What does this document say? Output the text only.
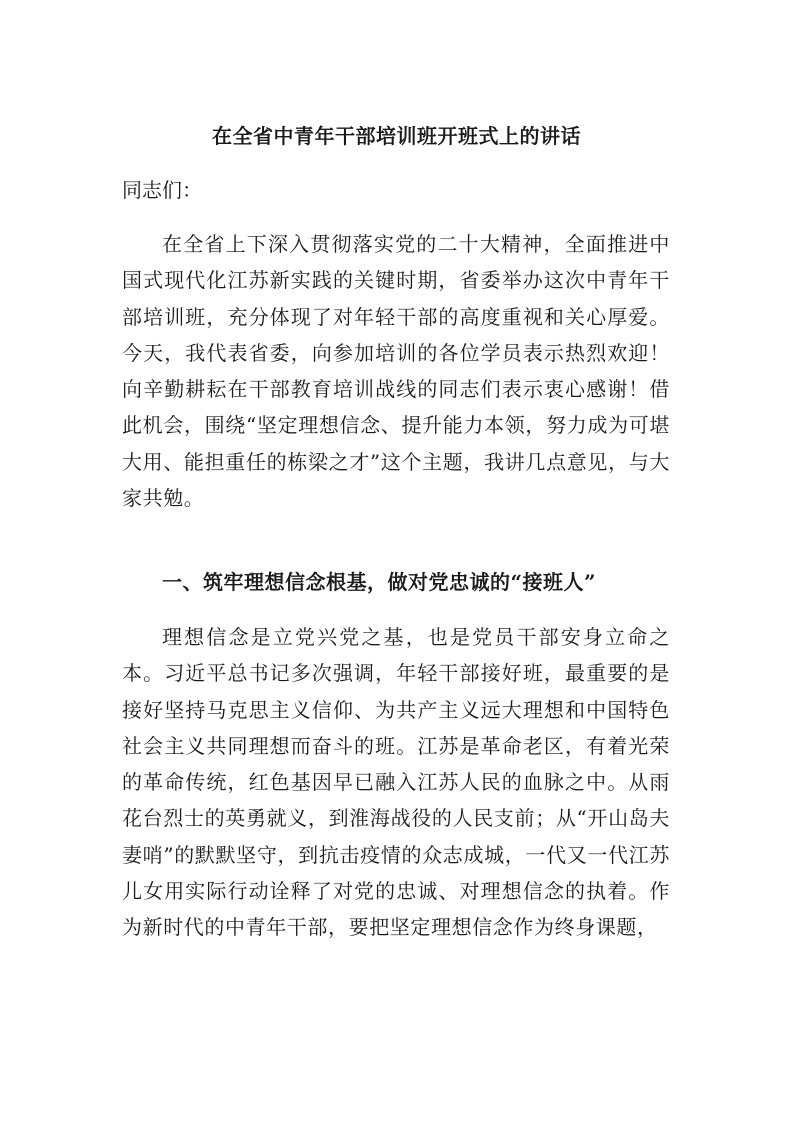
在全省中青年干部培训班开班式上的讲话
同志们：

在全省上下深入贯彻落实党的二十大精神，全面推进中国式现代化江苏新实践的关键时期，省委举办这次中青年干部培训班，充分体现了对年轻干部的高度重视和关心厚爱。今天，我代表省委，向参加培训的各位学员表示热烈欢迎！向辛勤耕耘在干部教育培训战线的同志们表示衷心感谢！借此机会，围绕“坚定理想信念、提升能力本领，努力成为可堪大用、能担重任的栋梁之才”这个主题，我讲几点意见，与大家共勉。

一、筑牢理想信念根基，做对党忠诚的“接班人”

理想信念是立党兴党之基，也是党员干部安身立命之本。习近平总书记多次强调，年轻干部接好班，最重要的是接好坚持马克思主义信仰、为共产主义远大理想和中国特色社会主义共同理想而奋斗的班。江苏是革命老区，有着光荣的革命传统，红色基因早已融入江苏人民的血脉之中。从雨花台烈士的英勇就义，到淮海战役的人民支前；从“开山岛夫妻哨”的默默坚守，到抗击疫情的众志成城，一代又一代江苏儿女用实际行动诠释了对党的忠诚、对理想信念的执着。作为新时代的中青年干部，要把坚定理想信念作为终身课题，
